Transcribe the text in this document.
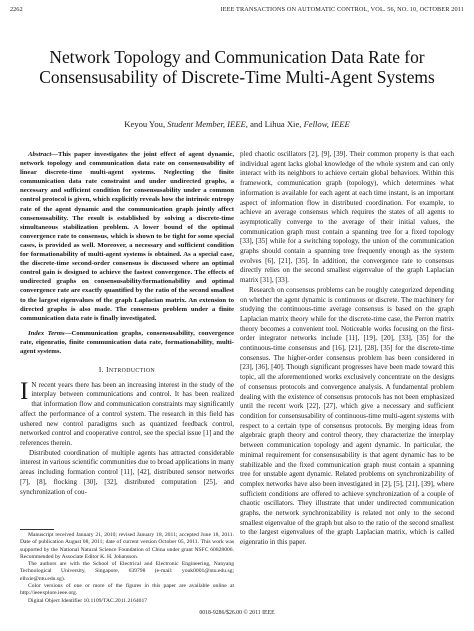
2262	IEEE TRANSACTIONS ON AUTOMATIC CONTROL, VOL. 56, NO. 10, OCTOBER 2011
Network Topology and Communication Data Rate for Consensusability of Discrete-Time Multi-Agent Systems
Keyou You, Student Member, IEEE, and Lihua Xie, Fellow, IEEE

Abstract—This paper investigates the joint effect of agent dynamic, network topology and communication data rate on consensusability of linear discrete-time multi-agent systems. Neglecting the finite communication data rate constraint and under undirected graphs, a necessary and sufficient condition for consensusability under a common control protocol is given, which explicitly reveals how the intrinsic entropy rate of the agent dynamic and the communication graph jointly affect consensusability. The result is established by solving a discrete-time simultaneous stabilization problem. A lower bound of the optimal convergence rate to consensus, which is shown to be tight for some special cases, is provided as well. Moreover, a necessary and sufficient condition for formationability of multi-agent systems is obtained. As a special case, the discrete-time second-order consensus is discussed where an optimal control gain is designed to achieve the fastest convergence. The effects of undirected graphs on consensusability/formationability and optimal convergence rate are exactly quantified by the ratio of the second smallest to the largest eigenvalues of the graph Laplacian matrix. An extension to directed graphs is also made. The consensus problem under a finite communication data rate is finally investigated.

Index Terms—Communication graphs, consensusability, convergence rate, eigenratio, finite communication data rate, formationability, multi-agent systems.

I. INTRODUCTION

I N recent years there has been an increasing interest in the study of the interplay between communications and control. It has been realized that information flow and communication constraints may significantly affect the performance of a control system. The research in this field has ushered new control paradigms such as quantized feedback control, networked control and cooperative control, see the special issue [1] and the references therein.

Distributed coordination of multiple agents has attracted considerable interest in various scientific communities due to broad applications in many areas including formation control [11], [42], distributed sensor networks [7], [8], flocking [30], [32], distributed computation [25], and synchronization of cou-

pled chaotic oscillators [2], [9], [39]. Their common property is that each individual agent lacks global knowledge of the whole system and can only interact with its neighbors to achieve certain global behaviors. Within this framework, communication graph (topology), which determines what information is available for each agent at each time instant, is an important aspect of information flow in distributed coordination. For example, to achieve an average consensus which requires the states of all agents to asymptotically converge to the average of their initial values, the communication graph must contain a spanning tree for a fixed topology [33], [35] while for a switching topology, the union of the communication graphs should contain a spanning tree frequently enough as the system evolves [6], [21], [35]. In addition, the convergence rate to consensus directly relies on the second smallest eigenvalue of the graph Laplacian matrix [31], [33].

Research on consensus problems can be roughly categorized depending on whether the agent dynamic is continuous or discrete. The machinery for studying the continuous-time average consensus is based on the graph Laplacian matrix theory while for the discrete-time case, the Perron matrix theory becomes a convenient tool. Noticeable works focusing on the first-order integrator networks include [11], [19], [20], [33], [35] for the continuous-time consensus and [16], [21], [28], [35] for the discrete-time consensus. The higher-order consensus problem has been considered in [23], [36], [40]. Though significant progresses have been made toward this topic, all the aforementioned works exclusively concentrate on the designs of consensus protocols and convergence analysis. A fundamental problem dealing with the existence of consensus protocols has not been emphasized until the recent work [22], [27], which give a necessary and sufficient condition for consensusability of continuous-time multi-agent systems with respect to a certain type of consensus protocols. By merging ideas from algebraic graph theory and control theory, they characterize the interplay between communication topology and agent dynamic. In particular, the minimal requirement for consensusability is that agent dynamic has to be stabilizable and the fixed communication graph must contain a spanning tree for unstable agent dynamic. Related problems on synchronizability of complex networks have also been investigated in [2], [5], [21], [39], where sufficient conditions are offered to achieve synchronization of a couple of chaotic oscillators. They illustrate that under undirected communication graphs, the network synchronizability is related not only to the second smallest eigenvalue of the graph but also to the ratio of the second smallest to the largest eigenvalues of the graph Laplacian matrix, which is called eigenratio in this paper.

Manuscript received January 21, 2010; revised January 18, 2011; accepted June 18, 2011. Date of publication August 08, 2011; date of current version October 05, 2011. This work was supported by the National Natural Science Foundation of China under grant NSFC 60828006. Recommended by Associate Editor K. H. Johansson.

The authors are with the School of Electrical and Electronic Engineering, Nanyang Technological University, Singapore, 639798 (e-mail: youk0001@ntu.edu.sg; elhxie@ntu.edu.sg).

Color versions of one or more of the figures in this paper are available online at http://ieeexplore.ieee.org.

Digital Object Identifier 10.1109/TAC.2011.2164017

0018-9286/$26.00 © 2011 IEEE
